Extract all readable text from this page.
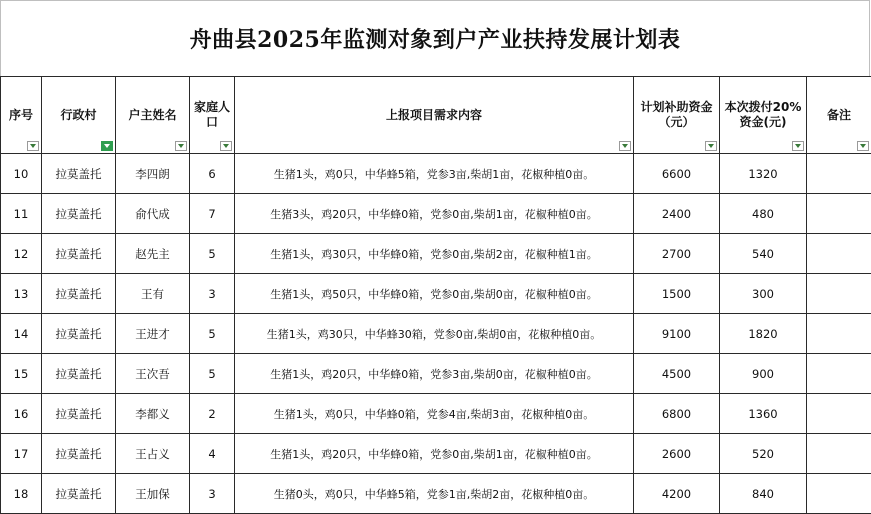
舟曲县2025年监测对象到户产业扶持发展计划表
序号	行政村	户主姓名	家庭人口	上报项目需求内容	计划补助资金（元）	本次拨付20%资金(元)	备注

10	拉莫盖托	李四朗	6	生猪1头，鸡0只，中华蜂5箱，党参3亩,柴胡1亩，花椒种植0亩。	6600	1320	
11	拉莫盖托	俞代成	7	生猪3头，鸡20只，中华蜂0箱，党参0亩,柴胡1亩，花椒种植0亩。	2400	480	
12	拉莫盖托	赵先主	5	生猪1头，鸡30只，中华蜂0箱，党参0亩,柴胡2亩，花椒种植1亩。	2700	540	
13	拉莫盖托	王有	3	生猪1头，鸡50只，中华蜂0箱，党参0亩,柴胡0亩，花椒种植0亩。	1500	300	
14	拉莫盖托	王进才	5	生猪1头，鸡30只，中华蜂30箱，党参0亩,柴胡0亩，花椒种植0亩。	9100	1820	
15	拉莫盖托	王次吾	5	生猪1头，鸡20只，中华蜂0箱，党参3亩,柴胡0亩，花椒种植0亩。	4500	900	
16	拉莫盖托	李都义	2	生猪1头，鸡0只，中华蜂0箱，党参4亩,柴胡3亩，花椒种植0亩。	6800	1360	
17	拉莫盖托	王占义	4	生猪1头，鸡20只，中华蜂0箱，党参0亩,柴胡1亩，花椒种植0亩。	2600	520	
18	拉莫盖托	王加保	3	生猪0头，鸡0只，中华蜂5箱，党参1亩,柴胡2亩，花椒种植0亩。	4200	840	
